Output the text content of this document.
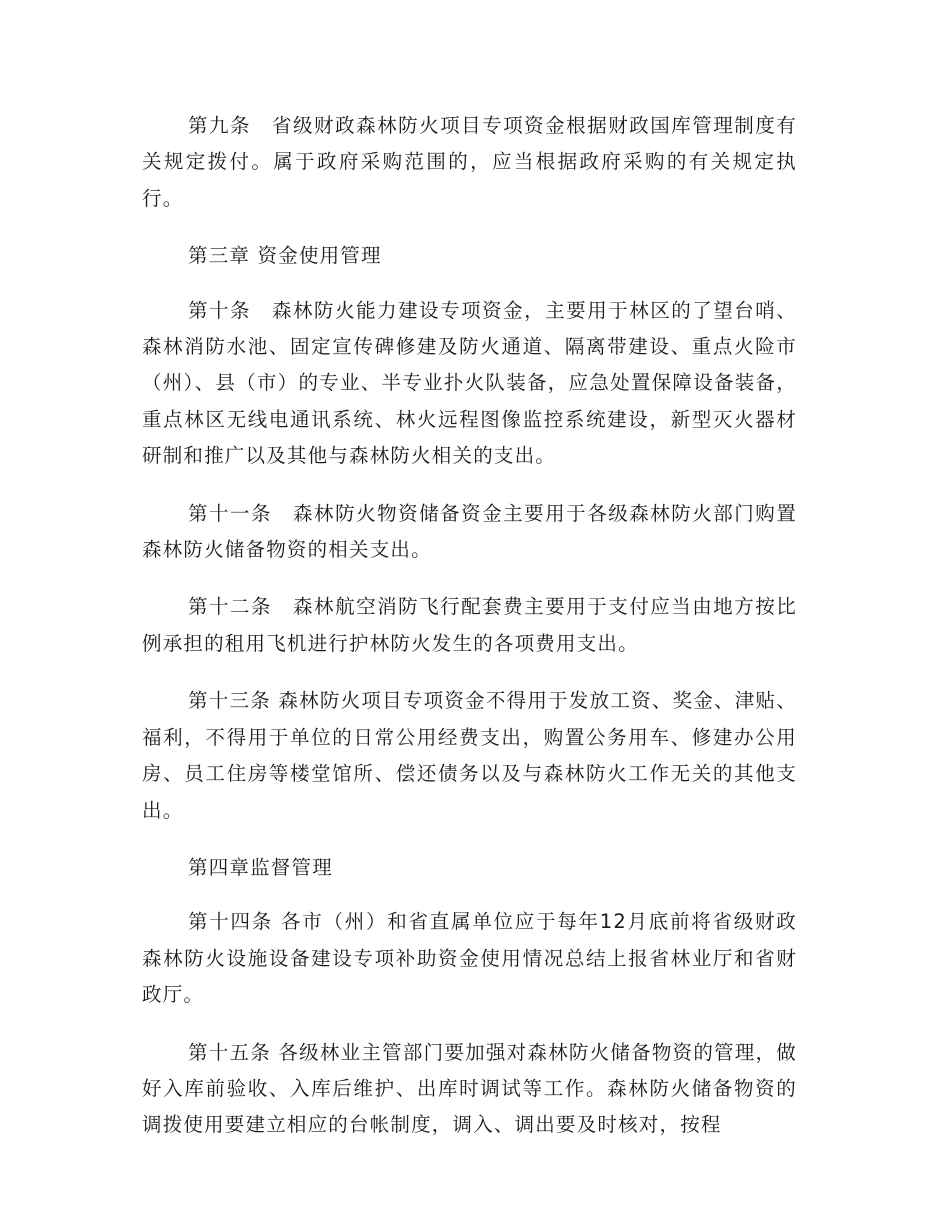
第九条　省级财政森林防火项目专项资金根据财政国库管理制度有关规定拨付。属于政府采购范围的，应当根据政府采购的有关规定执行。

第三章 资金使用管理

第十条　森林防火能力建设专项资金，主要用于林区的了望台哨、森林消防水池、固定宣传碑修建及防火通道、隔离带建设、重点火险市（州）、县（市）的专业、半专业扑火队装备，应急处置保障设备装备，重点林区无线电通讯系统、林火远程图像监控系统建设，新型灭火器材研制和推广以及其他与森林防火相关的支出。

第十一条　森林防火物资储备资金主要用于各级森林防火部门购置森林防火储备物资的相关支出。

第十二条　森林航空消防飞行配套费主要用于支付应当由地方按比例承担的租用飞机进行护林防火发生的各项费用支出。

第十三条 森林防火项目专项资金不得用于发放工资、奖金、津贴、福利，不得用于单位的日常公用经费支出，购置公务用车、修建办公用房、员工住房等楼堂馆所、偿还债务以及与森林防火工作无关的其他支出。

第四章监督管理

第十四条 各市（州）和省直属单位应于每年12月底前将省级财政森林防火设施设备建设专项补助资金使用情况总结上报省林业厅和省财政厅。

第十五条 各级林业主管部门要加强对森林防火储备物资的管理，做好入库前验收、入库后维护、出库时调试等工作。森林防火储备物资的调拨使用要建立相应的台帐制度，调入、调出要及时核对，按程
